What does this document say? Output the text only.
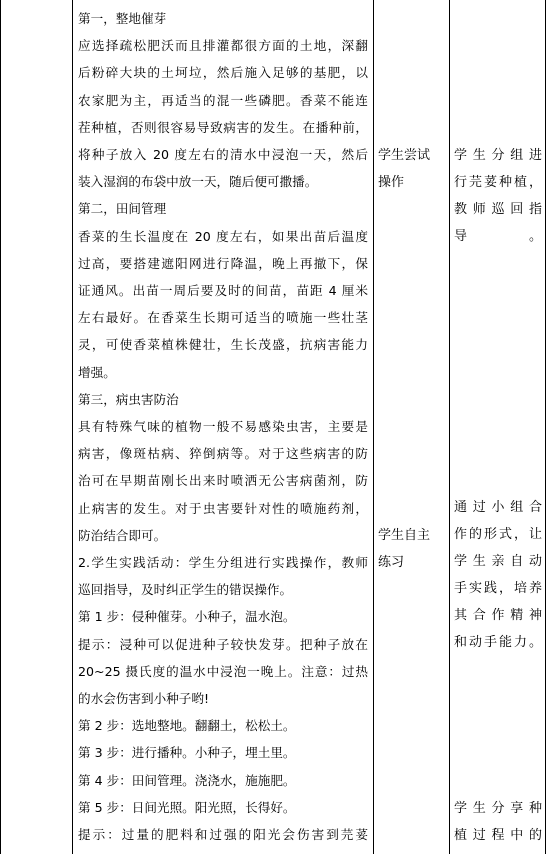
第一，整地催芽
应选择疏松肥沃而且排灌都很方面的土地，深翻
后粉碎大块的土坷垃，然后施入足够的基肥，以
农家肥为主，再适当的混一些磷肥。香菜不能连
茬种植，否则很容易导致病害的发生。在播种前，
将种子放入 20 度左右的清水中浸泡一天，然后
装入湿润的布袋中放一天，随后便可撒播。
第二，田间管理
香菜的生长温度在 20 度左右，如果出苗后温度
过高，要搭建遮阳网进行降温，晚上再撤下，保
证通风。出苗一周后要及时的间苗，苗距 4 厘米
左右最好。在香菜生长期可适当的喷施一些壮茎
灵，可使香菜植株健壮，生长茂盛，抗病害能力
增强。
第三，病虫害防治
具有特殊气味的植物一般不易感染虫害，主要是
病害，像斑枯病、猝倒病等。对于这些病害的防
治可在早期苗刚长出来时喷洒无公害病菌剂，防
止病害的发生。对于虫害要针对性的喷施药剂，
防治结合即可。
2.学生实践活动：学生分组进行实践操作，教师
巡回指导，及时纠正学生的错误操作。
第 1 步：侵种催芽。小种子，温水泡。
提示：浸种可以促进种子较快发芽。把种子放在
20~25 摄氏度的温水中浸泡一晚上。注意：过热
的水会伤害到小种子哟!
第 2 步：选地整地。翻翻土，松松土。
第 3 步：进行播种。小种子，埋土里。
第 4 步：田间管理。浇浇水，施施肥。
第 5 步：日间光照。阳光照，长得好。
提示：过量的肥料和过强的阳光会伤害到芫荽
学生尝试
操作
学生自主
练习
学生分组进
行芫荽种植，
教师巡回指
导。
通过小组合
作的形式，让
学生亲自动
手实践，培养
其合作精神
和动手能力。
学生分享种
植过程中的
